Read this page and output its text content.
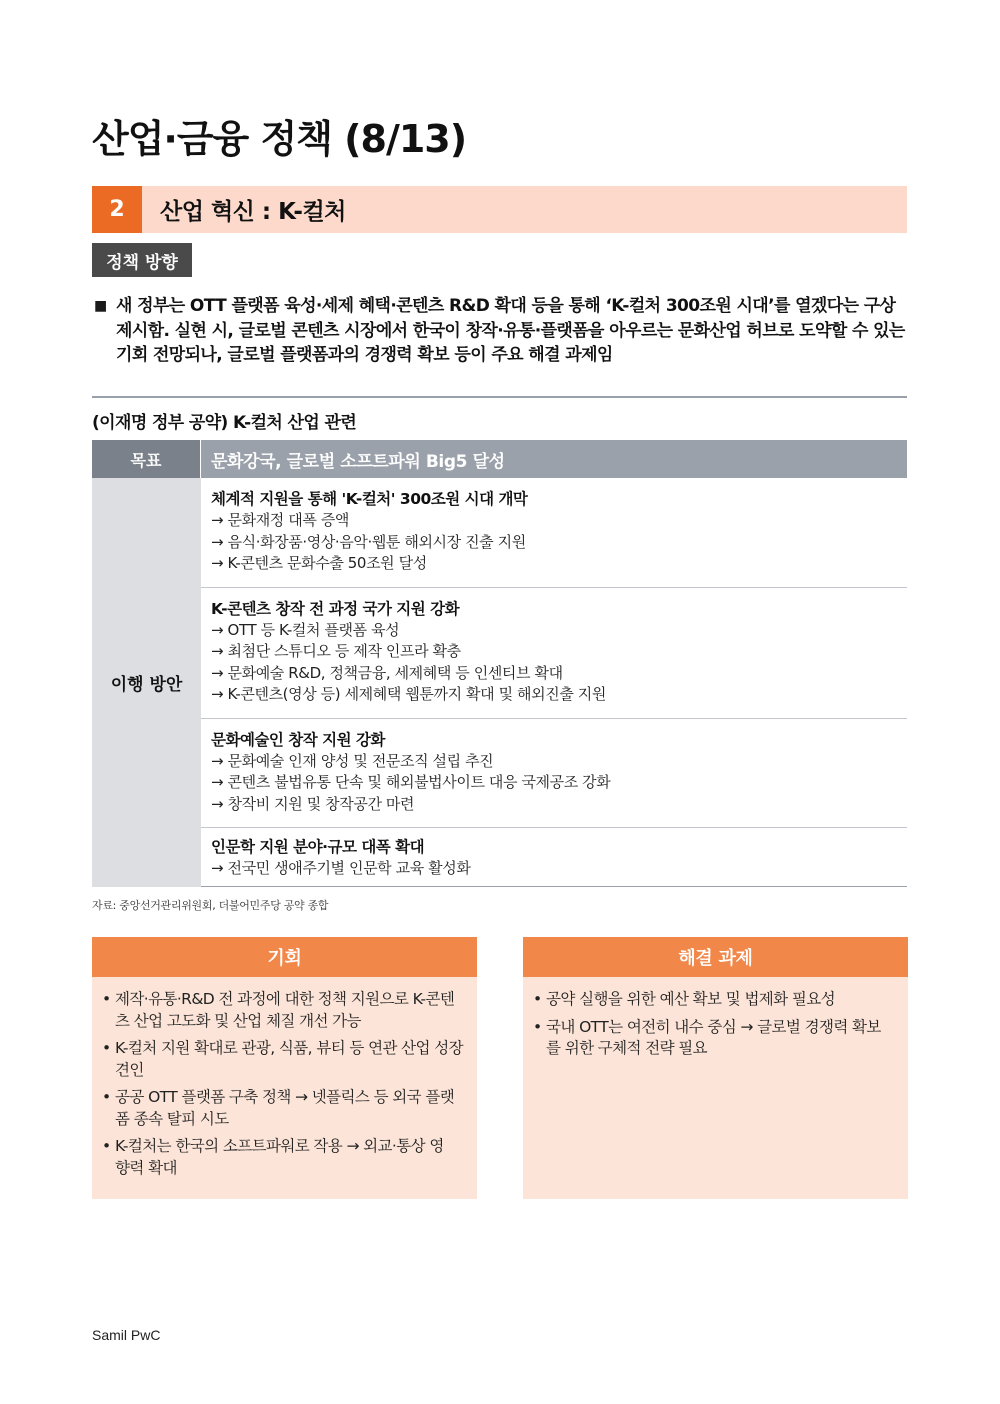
산업·금융 정책 (8/13)
2	산업 혁신 : K-컬처
정책 방향
■ 새 정부는 OTT 플랫폼 육성·세제 혜택·콘텐츠 R&D 확대 등을 통해 ‘K-컬처 300조원 시대’를 열겠다는 구상
제시함. 실현 시, 글로벌 콘텐츠 시장에서 한국이 창작·유통·플랫폼을 아우르는 문화산업 허브로 도약할 수 있는
기회 전망되나, 글로벌 플랫폼과의 경쟁력 확보 등이 주요 해결 과제임
(이재명 정부 공약) K-컬처 산업 관련
목표	문화강국, 글로벌 소프트파워 Big5 달성
이행 방안
체계적 지원을 통해 'K-컬처' 300조원 시대 개막
→ 문화재정 대폭 증액
→ 음식·화장품·영상·음악·웹툰 해외시장 진출 지원
→ K-콘텐츠 문화수출 50조원 달성
K-콘텐츠 창작 전 과정 국가 지원 강화
→ OTT 등 K-컬처 플랫폼 육성
→ 최첨단 스튜디오 등 제작 인프라 확충
→ 문화예술 R&D, 정책금융, 세제혜택 등 인센티브 확대
→ K-콘텐츠(영상 등) 세제혜택 웹툰까지 확대 및 해외진출 지원
문화예술인 창작 지원 강화
→ 문화예술 인재 양성 및 전문조직 설립 추진
→ 콘텐츠 불법유통 단속 및 해외불법사이트 대응 국제공조 강화
→ 창작비 지원 및 창작공간 마련
인문학 지원 분야·규모 대폭 확대
→ 전국민 생애주기별 인문학 교육 활성화
자료: 중앙선거관리위원회, 더불어민주당 공약 종합
기회
• 제작·유통·R&D 전 과정에 대한 정책 지원으로 K-콘텐
츠 산업 고도화 및 산업 체질 개선 가능
• K-컬처 지원 확대로 관광, 식품, 뷰티 등 연관 산업 성장
견인
• 공공 OTT 플랫폼 구축 정책 → 넷플릭스 등 외국 플랫
폼 종속 탈피 시도
• K-컬처는 한국의 소프트파워로 작용 → 외교·통상 영
향력 확대
해결 과제
• 공약 실행을 위한 예산 확보 및 법제화 필요성
• 국내 OTT는 여전히 내수 중심 → 글로벌 경쟁력 확보
를 위한 구체적 전략 필요
Samil PwC
